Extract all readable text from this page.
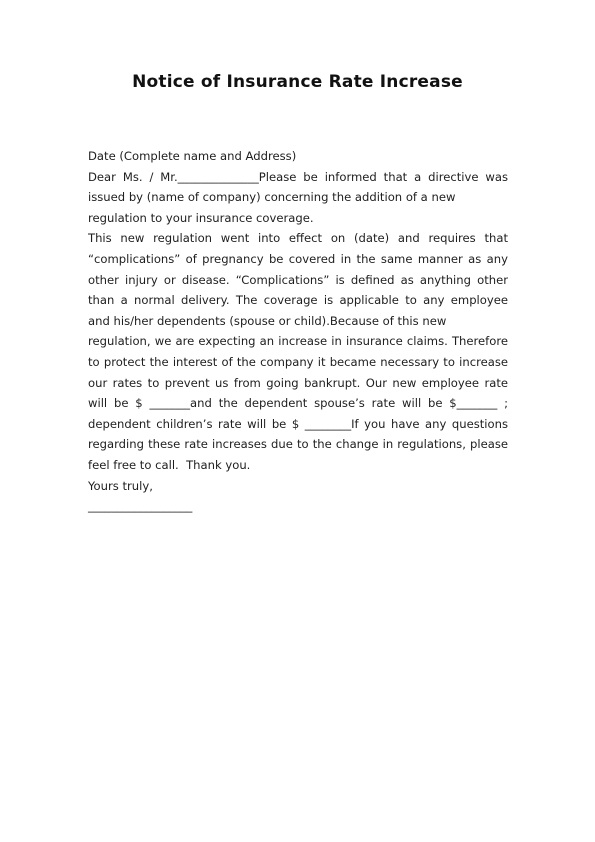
Notice of Insurance Rate Increase
Date (Complete name and Address)
Dear Ms. / Mr.______________Please be informed that a directive was
issued by (name of company) concerning the addition of a new
regulation to your insurance coverage.
This new regulation went into effect on (date) and requires that
“complications” of pregnancy be covered in the same manner as any
other injury or disease. “Complications” is defined as anything other
than a normal delivery. The coverage is applicable to any employee
and his/her dependents (spouse or child).Because of this new
regulation, we are expecting an increase in insurance claims. Therefore
to protect the interest of the company it became necessary to increase
our rates to prevent us from going bankrupt. Our new employee rate
will be $ _______and the dependent spouse’s rate will be $_______ ;
dependent children’s rate will be $ ________If you have any questions
regarding these rate increases due to the change in regulations, please
feel free to call.  Thank you.
Yours truly,
__________________
